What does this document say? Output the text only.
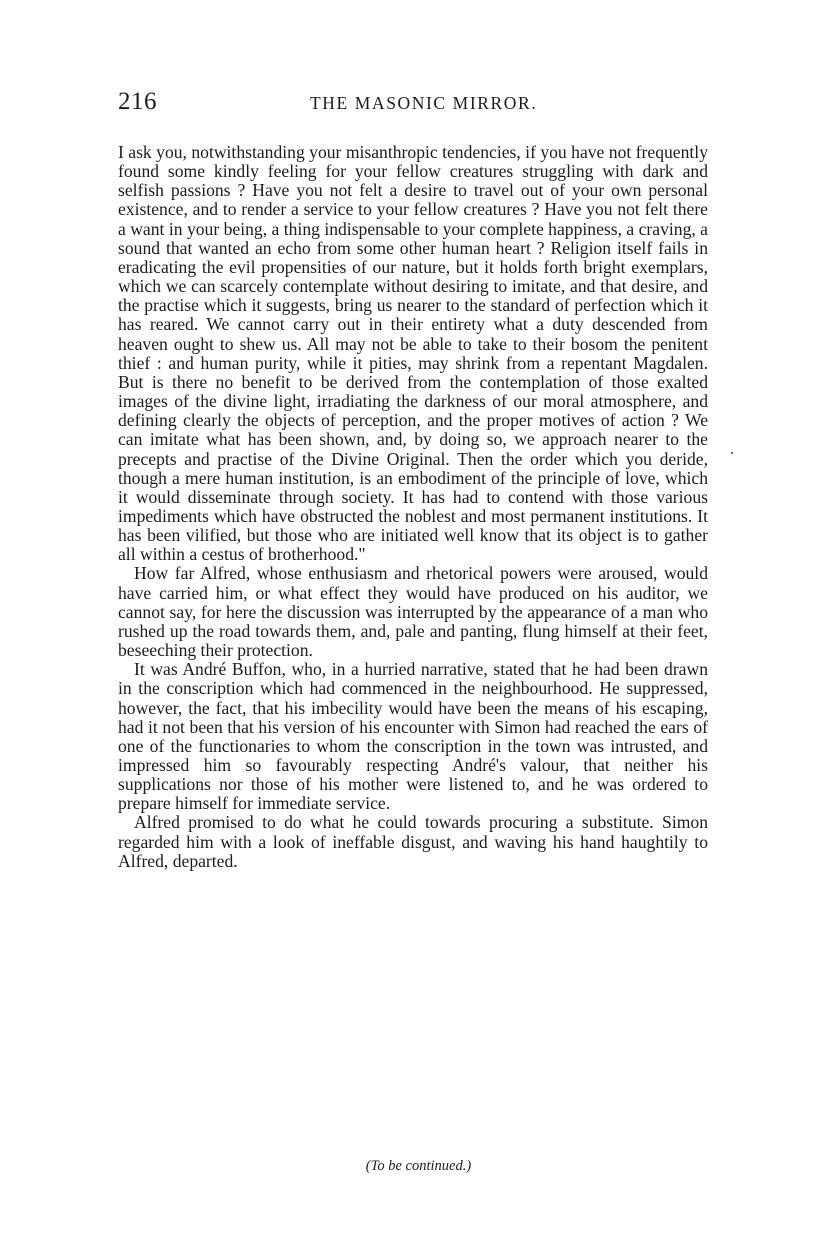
216	THE MASONIC MIRROR.

I ask you, notwithstanding your misanthropic tendencies, if you have not frequently found some kindly feeling for your fellow creatures struggling with dark and selfish passions ? Have you not felt a desire to travel out of your own personal existence, and to render a service to your fellow creatures ? Have you not felt there a want in your being, a thing indispensable to your complete happiness, a craving, a sound that wanted an echo from some other human heart ? Religion itself fails in eradicating the evil propensities of our nature, but it holds forth bright exemplars, which we can scarcely contemplate without desiring to imitate, and that desire, and the practise which it suggests, bring us nearer to the standard of perfection which it has reared. We cannot carry out in their entirety what a duty descended from heaven ought to shew us. All may not be able to take to their bosom the penitent thief : and human purity, while it pities, may shrink from a repentant Magdalen. But is there no benefit to be derived from the contemplation of those exalted images of the divine light, irradiating the darkness of our moral atmosphere, and defining clearly the objects of perception, and the proper motives of action ? We can imitate what has been shown, and, by doing so, we approach nearer to the precepts and practise of the Divine Original. Then the order which you deride, though a mere human institution, is an embodiment of the principle of love, which it would disseminate through society. It has had to contend with those various impediments which have obstructed the noblest and most permanent institutions. It has been vilified, but those who are initiated well know that its object is to gather all within a cestus of brotherhood."

How far Alfred, whose enthusiasm and rhetorical powers were aroused, would have carried him, or what effect they would have produced on his auditor, we cannot say, for here the discussion was interrupted by the appearance of a man who rushed up the road towards them, and, pale and panting, flung himself at their feet, beseeching their protection.

It was André Buffon, who, in a hurried narrative, stated that he had been drawn in the conscription which had commenced in the neighbourhood. He suppressed, however, the fact, that his imbecility would have been the means of his escaping, had it not been that his version of his encounter with Simon had reached the ears of one of the functionaries to whom the conscription in the town was intrusted, and impressed him so favourably respecting André's valour, that neither his supplications nor those of his mother were listened to, and he was ordered to prepare himself for immediate service.

Alfred promised to do what he could towards procuring a substitute. Simon regarded him with a look of ineffable disgust, and waving his hand haughtily to Alfred, departed.

(To be continued.)
